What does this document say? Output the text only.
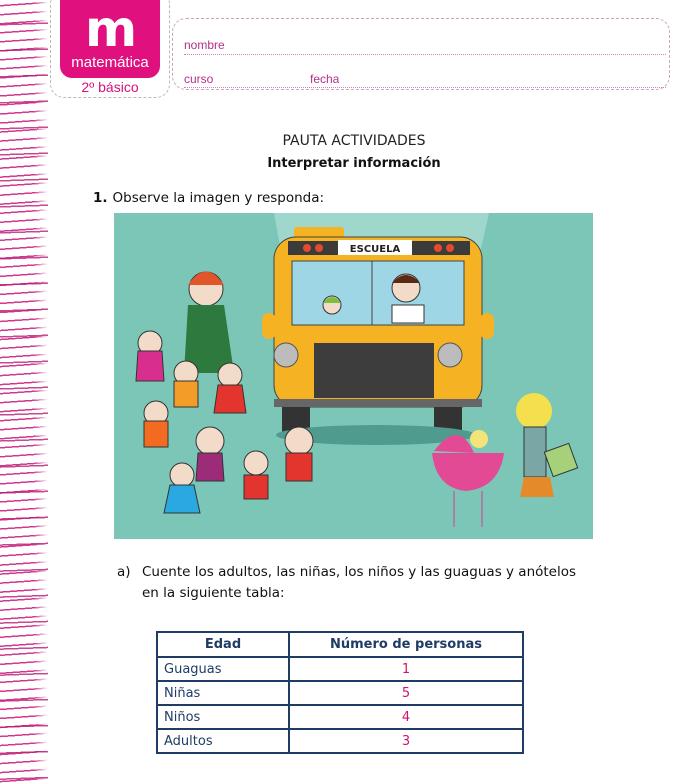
m
matemática
2º básico
nombre
curso	fecha
PAUTA ACTIVIDADES
Interpretar información
1. Observe la imagen y responda:
ESCUELA
a) Cuente los adultos, las niñas, los niños y las guaguas y anótelos en la siguiente tabla:
Edad	Número de personas
Guaguas	1
Niñas	5
Niños	4
Adultos	3
